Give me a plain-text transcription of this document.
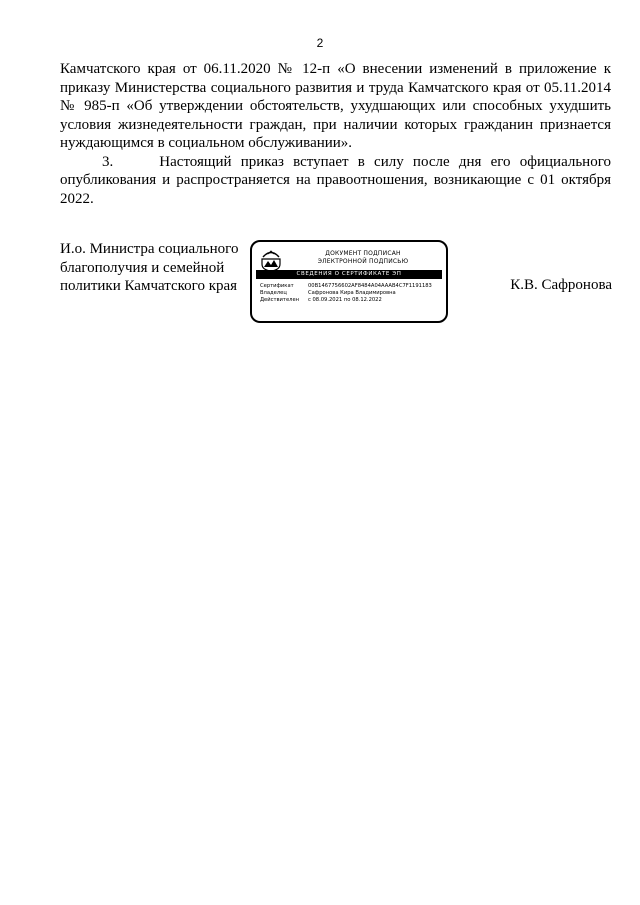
2

Камчатского края от 06.11.2020 № 12-п «О внесении изменений в приложение к приказу Министерства социального развития и труда Камчатского края от 05.11.2014 № 985-п «Об утверждении обстоятельств, ухудшающих или способных ухудшить условия жизнедеятельности граждан, при наличии которых гражданин признается нуждающимся в социальном обслуживании».

3.     Настоящий приказ вступает в силу после дня его официального опубликования и распространяется на правоотношения, возникающие с 01 октября 2022.

И.о. Министра социального
благополучия и семейной
политики Камчатского края
ДОКУМЕНТ ПОДПИСАН
ЭЛЕКТРОННОЙ ПОДПИСЬЮ
СВЕДЕНИЯ О СЕРТИФИКАТЕ ЭП
Сертификат	00B1467756602AF8484A04AAAB4C7F1191183
Владелец	Сафронова Кира Владимировна
Действителен	с 08.09.2021 по 08.12.2022
К.В. Сафронова
